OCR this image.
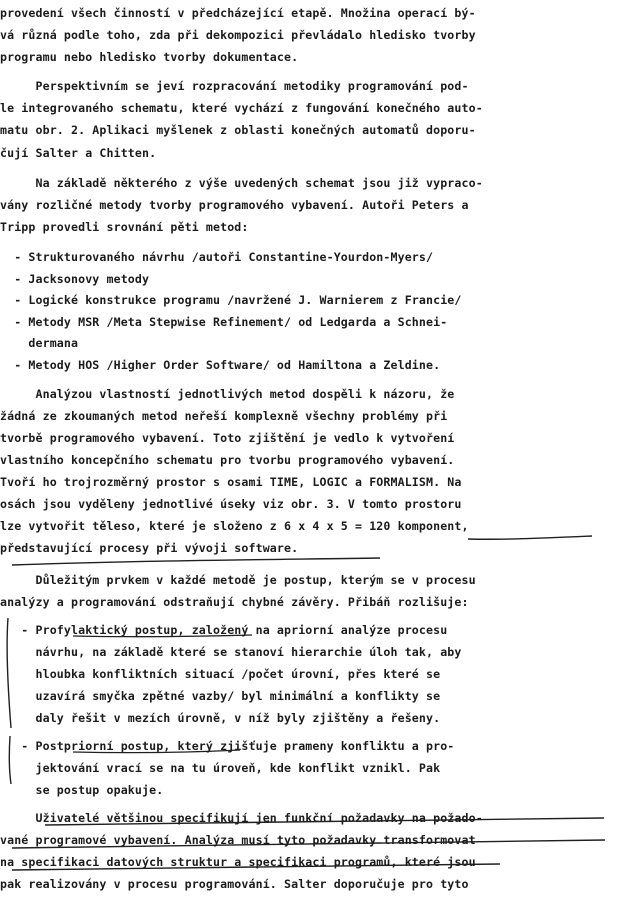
provedení všech činností v předcházející etapě. Množina operací bý-
vá různá podle toho, zda při dekompozici převládalo hledisko tvorby
programu nebo hledisko tvorby dokumentace.
Perspektivním se jeví rozpracování metodiky programování pod-
le integrovaného schematu, které vychází z fungování konečného auto-
matu obr. 2. Aplikaci myšlenek z oblasti konečných automatů doporu-
čují Salter a Chitten.
Na základě některého z výše uvedených schemat jsou již vypraco-
vány rozličné metody tvorby programového vybavení. Autoři Peters a
Tripp provedli srovnání pěti metod:
- Strukturovaného návrhu /autoři Constantine-Yourdon-Myers/
- Jacksonovy metody
- Logické konstrukce programu /navržené J. Warnierem z Francie/
- Metody MSR /Meta Stepwise Refinement/ od Ledgarda a Schnei-
dermana
- Metody HOS /Higher Order Software/ od Hamiltona a Zeldine.
Analýzou vlastností jednotlivých metod dospěli k názoru, že
žádná ze zkoumaných metod neřeší komplexně všechny problémy při
tvorbě programového vybavení. Toto zjištění je vedlo k vytvoření
vlastního koncepčního schematu pro tvorbu programového vybavení.
Tvoří ho trojrozměrný prostor s osami TIME, LOGIC a FORMALISM. Na
osách jsou vyděleny jednotlivé úseky viz obr. 3. V tomto prostoru
lze vytvořit těleso, které je složeno z 6 x 4 x 5 = 120 komponent,
představující procesy při vývoji software.
Důležitým prvkem v každé metodě je postup, kterým se v procesu
analýzy a programování odstraňují chybné závěry. Přibáň rozlišuje:
- Profylaktický postup, založený na apriorní analýze procesu
návrhu, na základě které se stanoví hierarchie úloh tak, aby
hloubka konfliktních situací /počet úrovní, přes které se
uzavírá smyčka zpětné vazby/ byl minimální a konflikty se
daly řešit v mezích úrovně, v níž byly zjištěny a řešeny.
- Postpriorní postup, který zjišťuje prameny konfliktu a pro-
jektování vrací se na tu úroveň, kde konflikt vznikl. Pak
se postup opakuje.
Uživatelé většinou specifikují jen funkční požadavky na požado-
vané programové vybavení. Analýza musí tyto požadavky transformovat
na specifikaci datových struktur a specifikaci programů, které jsou
pak realizovány v procesu programování. Salter doporučuje pro tyto
